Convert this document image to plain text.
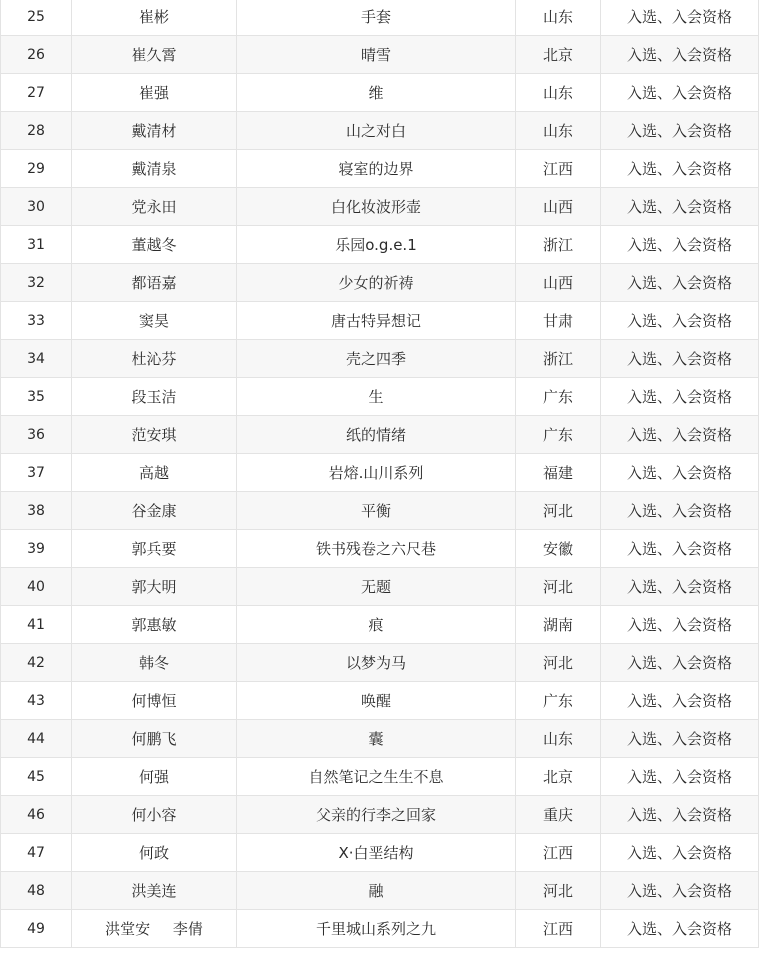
25	崔彬	手套	山东	入选、入会资格
26	崔久霄	晴雪	北京	入选、入会资格
27	崔强	维	山东	入选、入会资格
28	戴清材	山之对白	山东	入选、入会资格
29	戴清泉	寝室的边界	江西	入选、入会资格
30	党永田	白化妆波形壶	山西	入选、入会资格
31	董越冬	乐园o.g.e.1	浙江	入选、入会资格
32	都语嘉	少女的祈祷	山西	入选、入会资格
33	窦昊	唐古特异想记	甘肃	入选、入会资格
34	杜沁芬	壳之四季	浙江	入选、入会资格
35	段玉洁	生	广东	入选、入会资格
36	范安琪	纸的情绪	广东	入选、入会资格
37	高越	岩熔.山川系列	福建	入选、入会资格
38	谷金康	平衡	河北	入选、入会资格
39	郭兵要	铁书残卷之六尺巷	安徽	入选、入会资格
40	郭大明	无题	河北	入选、入会资格
41	郭惠敏	痕	湖南	入选、入会资格
42	韩冬	以梦为马	河北	入选、入会资格
43	何博恒	唤醒	广东	入选、入会资格
44	何鹏飞	囊	山东	入选、入会资格
45	何强	自然笔记之生生不息	北京	入选、入会资格
46	何小容	父亲的行李之回家	重庆	入选、入会资格
47	何政	X·白垩结构	江西	入选、入会资格
48	洪美连	融	河北	入选、入会资格
49	洪堂安 李倩	千里城山系列之九	江西	入选、入会资格
